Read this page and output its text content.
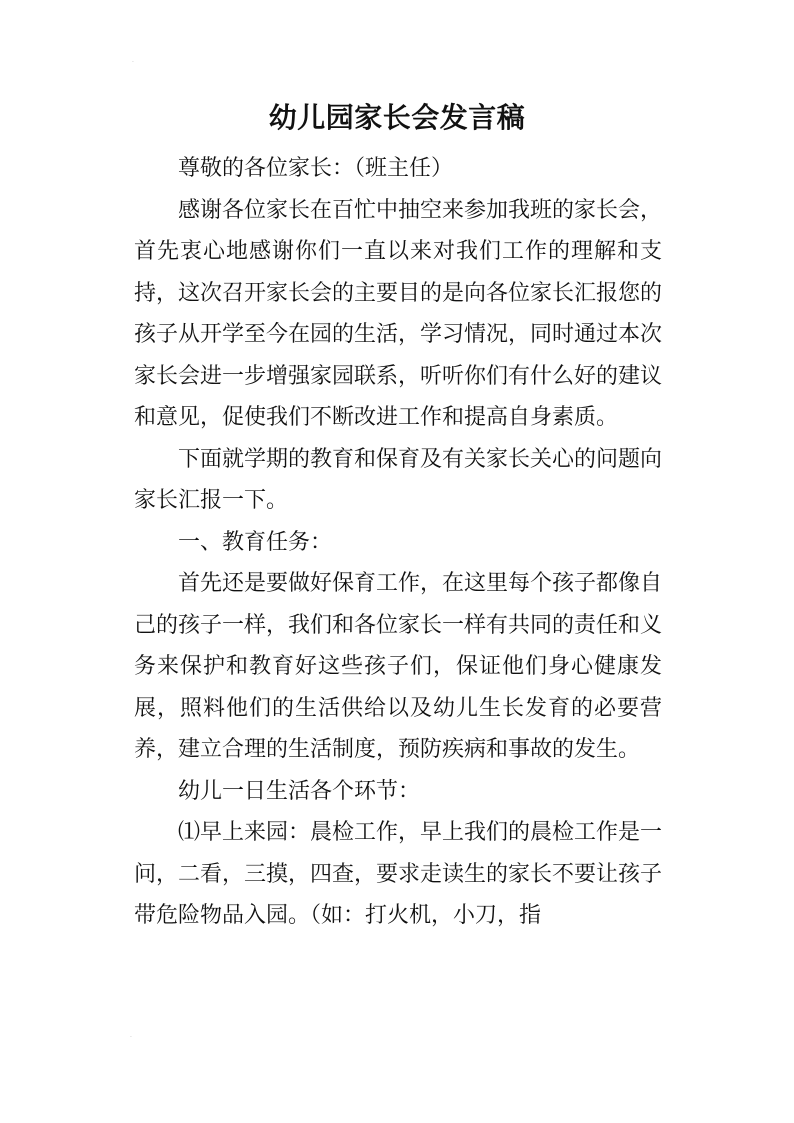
·
幼儿园家长会发言稿

尊敬的各位家长：（班主任）

感谢各位家长在百忙中抽空来参加我班的家长会，首先衷心地感谢你们一直以来对我们工作的理解和支持，这次召开家长会的主要目的是向各位家长汇报您的孩子从开学至今在园的生活，学习情况，同时通过本次家长会进一步增强家园联系，听听你们有什么好的建议和意见，促使我们不断改进工作和提高自身素质。

下面就学期的教育和保育及有关家长关心的问题向家长汇报一下。

一、教育任务：

首先还是要做好保育工作，在这里每个孩子都像自己的孩子一样，我们和各位家长一样有共同的责任和义务来保护和教育好这些孩子们，保证他们身心健康发展，照料他们的生活供给以及幼儿生长发育的必要营养，建立合理的生活制度，预防疾病和事故的发生。

幼儿一日生活各个环节：

⑴早上来园：晨检工作，早上我们的晨检工作是一问，二看，三摸，四查，要求走读生的家长不要让孩子带危险物品入园。（如：打火机，小刀，指

·
